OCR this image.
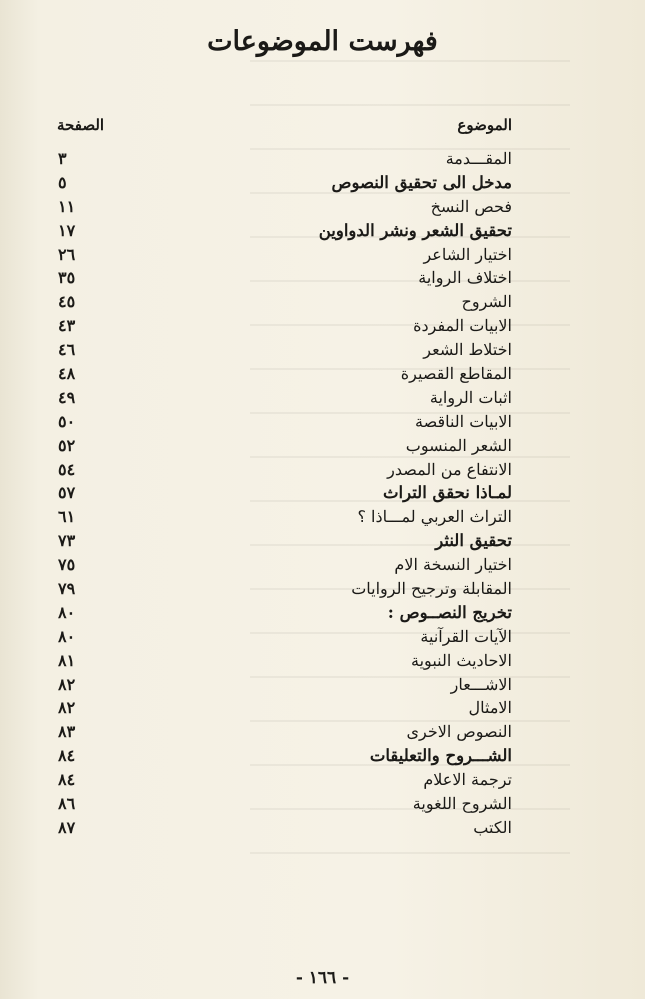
فهرست الموضوعات
الموضوع
الصفحة
المقـــدمة
٣
مدخل الى تحقيق النصوص
٥
فحص النسخ
١١
تحقيق الشعر ونشر الدواوين
١٧
اختيار الشاعر
٢٦
اختلاف الرواية
٣٥
الشروح
٤٥
الابيات المفردة
٤٣
اختلاط الشعر
٤٦
المقاطع القصيرة
٤٨
اثبات الرواية
٤٩
الابيات الناقصة
٥٠
الشعر المنسوب
٥٢
الانتفاع من المصدر
٥٤
لمـاذا نحقق التراث
٥٧
التراث العربي لمـــاذا ؟
٦١
تحقيق النثر
٧٣
اختيار النسخة الام
٧٥
المقابلة وترجيح الروايات
٧٩
تخريج النصــوص :
٨٠
الآيات القرآنية
٨٠
الاحاديث النبوية
٨١
الاشـــعار
٨٢
الامثال
٨٢
النصوص الاخرى
٨٣
الشـــروح والتعليقات
٨٤
ترجمة الاعلام
٨٤
الشروح اللغوية
٨٦
الكتب
٨٧
- ١٦٦ -
